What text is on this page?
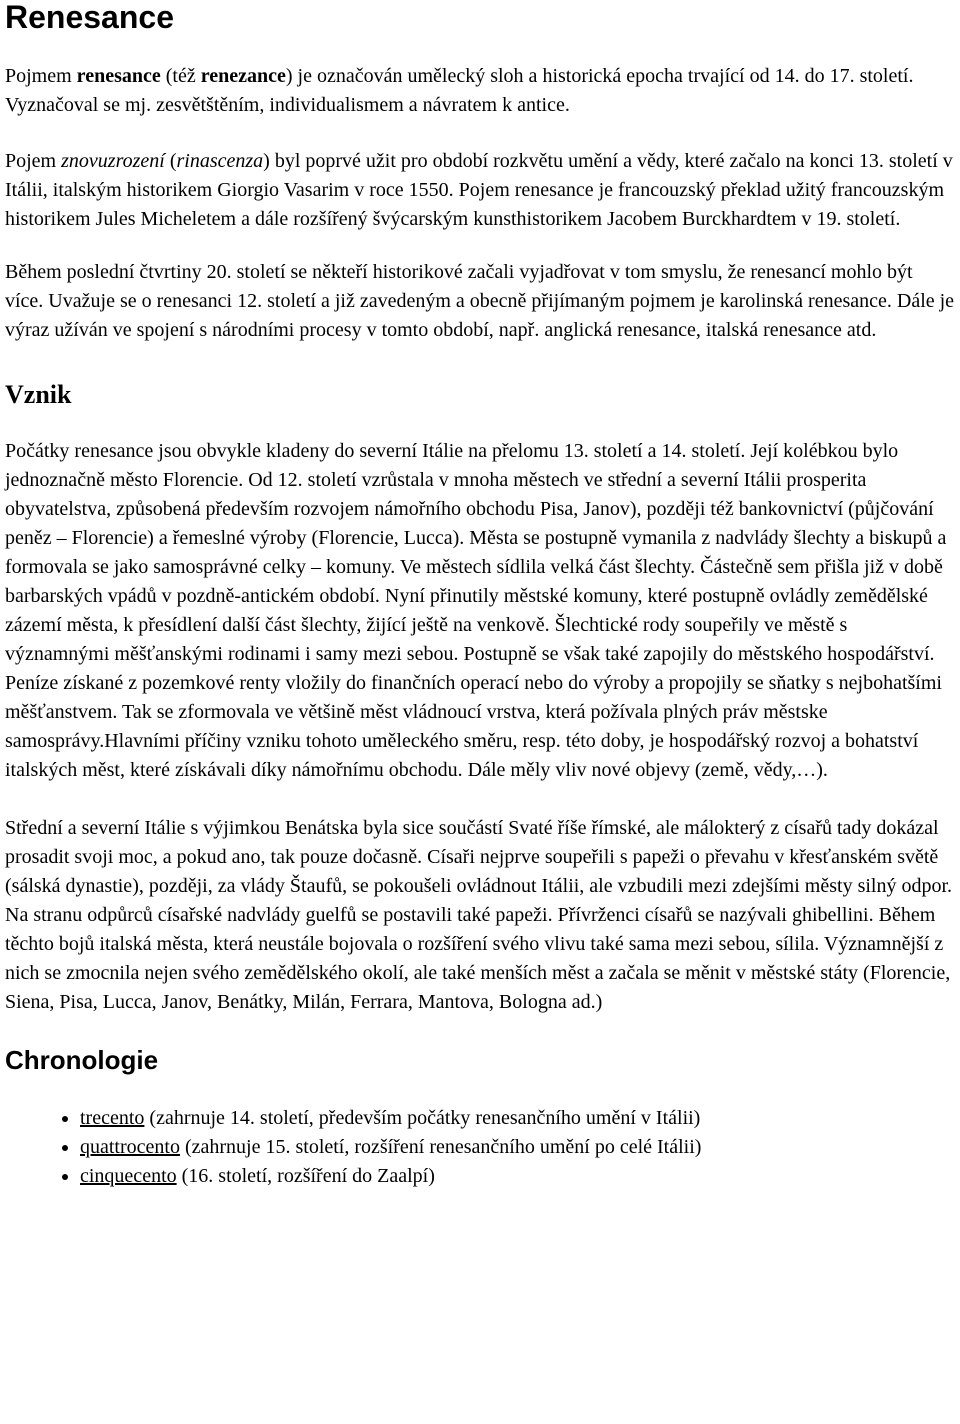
Renesance

Pojmem renesance (též renezance) je označován umělecký sloh a historická epocha trvající od 14. do 17. století. Vyznačoval se mj. zesvětštěním, individualismem a návratem k antice.

Pojem znovuzrození (rinascenza) byl poprvé užit pro období rozkvětu umění a vědy, které začalo na konci 13. století v Itálii, italským historikem Giorgio Vasarim v roce 1550. Pojem renesance je francouzský překlad užitý francouzským historikem Jules Micheletem a dále rozšířený švýcarským kunsthistorikem Jacobem Burckhardtem v 19. století.

Během poslední čtvrtiny 20. století se někteří historikové začali vyjadřovat v tom smyslu, že renesancí mohlo být více. Uvažuje se o renesanci 12. století a již zavedeným a obecně přijímaným pojmem je karolinská renesance. Dále je výraz užíván ve spojení s národními procesy v tomto období, např. anglická renesance, italská renesance atd.

Vznik

Počátky renesance jsou obvykle kladeny do severní Itálie na přelomu 13. století a 14. století. Její kolébkou bylo jednoznačně město Florencie. Od 12. století vzrůstala v mnoha městech ve střední a severní Itálii prosperita obyvatelstva, způsobená především rozvojem námořního obchodu Pisa, Janov), později též bankovnictví (půjčování peněz – Florencie) a řemeslné výroby (Florencie, Lucca). Města se postupně vymanila z nadvlády šlechty a biskupů a formovala se jako samosprávné celky – komuny. Ve městech sídlila velká část šlechty. Částečně sem přišla již v době barbarských vpádů v pozdně-antickém období. Nyní přinutily městské komuny, které postupně ovládly zemědělské zázemí města, k přesídlení další část šlechty, žijící ještě na venkově. Šlechtické rody soupeřily ve městě s významnými měšťanskými rodinami i samy mezi sebou. Postupně se však také zapojily do městského hospodářství. Peníze získané z pozemkové renty vložily do finančních operací nebo do výroby a propojily se sňatky s nejbohatšími měšťanstvem. Tak se zformovala ve většině měst vládnoucí vrstva, která požívala plných práv městske samosprávy.Hlavními příčiny vzniku tohoto uměleckého směru, resp. této doby, je hospodářský rozvoj a bohatství italských měst, které získávali díky námořnímu obchodu. Dále měly vliv nové objevy (země, vědy,…).

Střední a severní Itálie s výjimkou Benátska byla sice součástí Svaté říše římské, ale málokterý z císařů tady dokázal prosadit svoji moc, a pokud ano, tak pouze dočasně. Císaři nejprve soupeřili s papeži o převahu v křesťanském světě (sálská dynastie), později, za vlády Štaufů, se pokoušeli ovládnout Itálii, ale vzbudili mezi zdejšími městy silný odpor. Na stranu odpůrců císařské nadvlády guelfů se postavili také papeži. Přívrženci císařů se nazývali ghibellini. Během těchto bojů italská města, která neustále bojovala o rozšíření svého vlivu také sama mezi sebou, sílila. Významnější z nich se zmocnila nejen svého zemědělského okolí, ale také menších měst a začala se měnit v městské státy (Florencie, Siena, Pisa, Lucca, Janov, Benátky, Milán, Ferrara, Mantova, Bologna ad.)

Chronologie
• trecento (zahrnuje 14. století, především počátky renesančního umění v Itálii)
• quattrocento (zahrnuje 15. století, rozšíření renesančního umění po celé Itálii)
• cinquecento (16. století, rozšíření do Zaalpí)
